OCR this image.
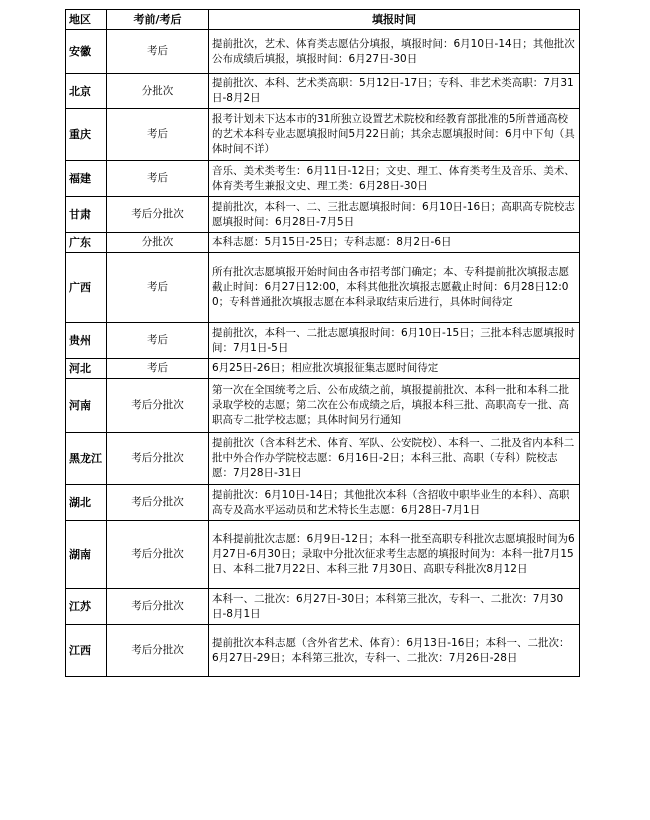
地区	考前/考后	填报时间
安徽	考后	提前批次，艺术、体育类志愿估分填报，填报时间：6月10日-14日；其他批次公布成绩后填报，填报时间：6月27日-30日
北京	分批次	提前批次、本科、艺术类高职：5月12日-17日；专科、非艺术类高职：7月31日-8月2日
重庆	考后	报考计划未下达本市的31所独立设置艺术院校和经教育部批准的5所普通高校的艺术本科专业志愿填报时间5月22日前；其余志愿填报时间：6月中下旬（具体时间不详）
福建	考后	音乐、美术类考生：6月11日-12日；文史、理工、体育类考生及音乐、美术、体育类考生兼报文史、理工类：6月28日-30日
甘肃	考后分批次	提前批次，本科一、二、三批志愿填报时间：6月10日-16日；高职高专院校志愿填报时间：6月28日-7月5日
广东	分批次	本科志愿：5月15日-25日；专科志愿：8月2日-6日
广西	考后	所有批次志愿填报开始时间由各市招考部门确定；本、专科提前批次填报志愿截止时间：6月27日12:00，本科其他批次填报志愿截止时间：6月28日12:00；专科普通批次填报志愿在本科录取结束后进行，具体时间待定
贵州	考后	提前批次，本科一、二批志愿填报时间：6月10日-15日；三批本科志愿填报时间：7月1日-5日
河北	考后	6月25日-26日；相应批次填报征集志愿时间待定
河南	考后分批次	第一次在全国统考之后、公布成绩之前，填报提前批次、本科一批和本科二批录取学校的志愿；第二次在公布成绩之后，填报本科三批、高职高专一批、高职高专二批学校志愿；具体时间另行通知
黑龙江	考后分批次	提前批次（含本科艺术、体育、军队、公安院校）、本科一、二批及省内本科二批中外合作办学院校志愿：6月16日-2日；本科三批、高职（专科）院校志愿：7月28日-31日
湖北	考后分批次	提前批次：6月10日-14日；其他批次本科（含招收中职毕业生的本科）、高职高专及高水平运动员和艺术特长生志愿：6月28日-7月1日
湖南	考后分批次	本科提前批次志愿：6月9日-12日；本科一批至高职专科批次志愿填报时间为6月27日-6月30日；录取中分批次征求考生志愿的填报时间为：本科一批7月15日、本科二批7月22日、本科三批 7月30日、高职专科批次8月12日
江苏	考后分批次	本科一、二批次：6月27日-30日；本科第三批次，专科一、二批次：7月30日-8月1日
江西	考后分批次	提前批次本科志愿（含外省艺术、体育）：6月13日-16日；本科一、二批次：6月27日-29日；本科第三批次，专科一、二批次：7月26日-28日
